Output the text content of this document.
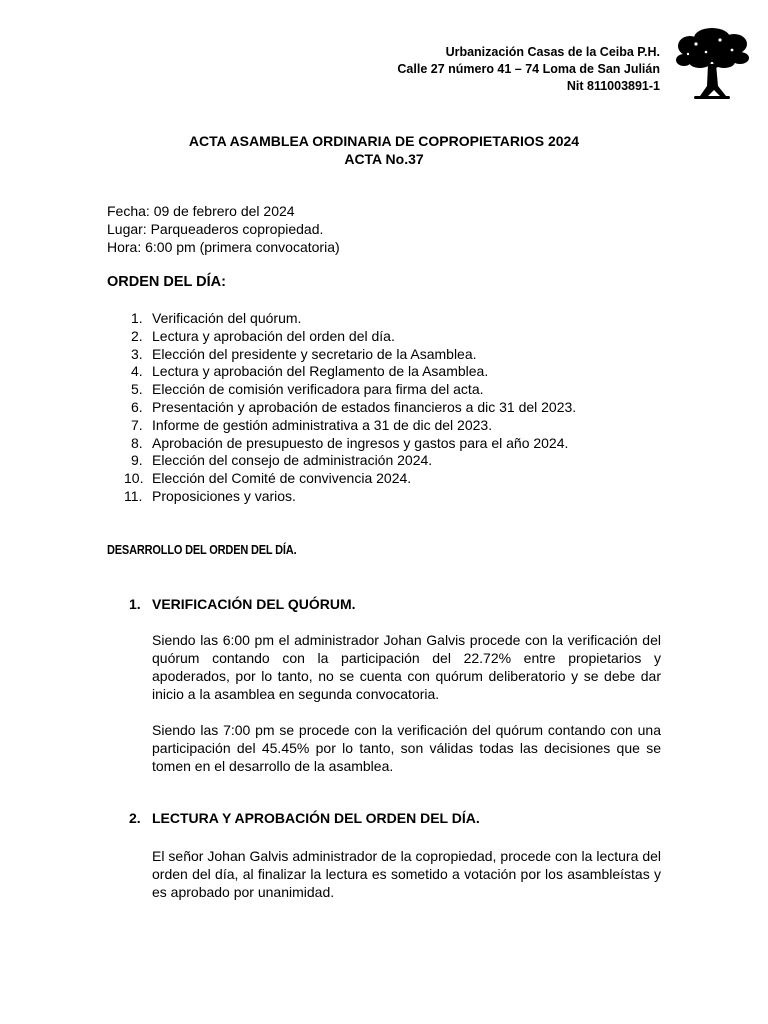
Urbanización Casas de la Ceiba P.H.
Calle 27 número 41 – 74 Loma de San Julián
Nit 811003891-1
ACTA ASAMBLEA ORDINARIA DE COPROPIETARIOS 2024
ACTA No.37
Fecha: 09 de febrero del 2024
Lugar: Parqueaderos copropiedad.
Hora: 6:00 pm (primera convocatoria)
ORDEN DEL DÍA:
1. Verificación del quórum.
2. Lectura y aprobación del orden del día.
3. Elección del presidente y secretario de la Asamblea.
4. Lectura y aprobación del Reglamento de la Asamblea.
5. Elección de comisión verificadora para firma del acta.
6. Presentación y aprobación de estados financieros a dic 31 del 2023.
7. Informe de gestión administrativa a 31 de dic del 2023.
8. Aprobación de presupuesto de ingresos y gastos para el año 2024.
9. Elección del consejo de administración 2024.
10. Elección del Comité de convivencia 2024.
11. Proposiciones y varios.
DESARROLLO DEL ORDEN DEL DÍA.
1. VERIFICACIÓN DEL QUÓRUM.

Siendo las 6:00 pm el administrador Johan Galvis procede con la verificación del quórum contando con la participación del 22.72% entre propietarios y apoderados, por lo tanto, no se cuenta con quórum deliberatorio y se debe dar inicio a la asamblea en segunda convocatoria.

Siendo las 7:00 pm se procede con la verificación del quórum contando con una participación del 45.45% por lo tanto, son válidas todas las decisiones que se tomen en el desarrollo de la asamblea.

2. LECTURA Y APROBACIÓN DEL ORDEN DEL DÍA.

El señor Johan Galvis administrador de la copropiedad, procede con la lectura del orden del día, al finalizar la lectura es sometido a votación por los asambleístas y es aprobado por unanimidad.
